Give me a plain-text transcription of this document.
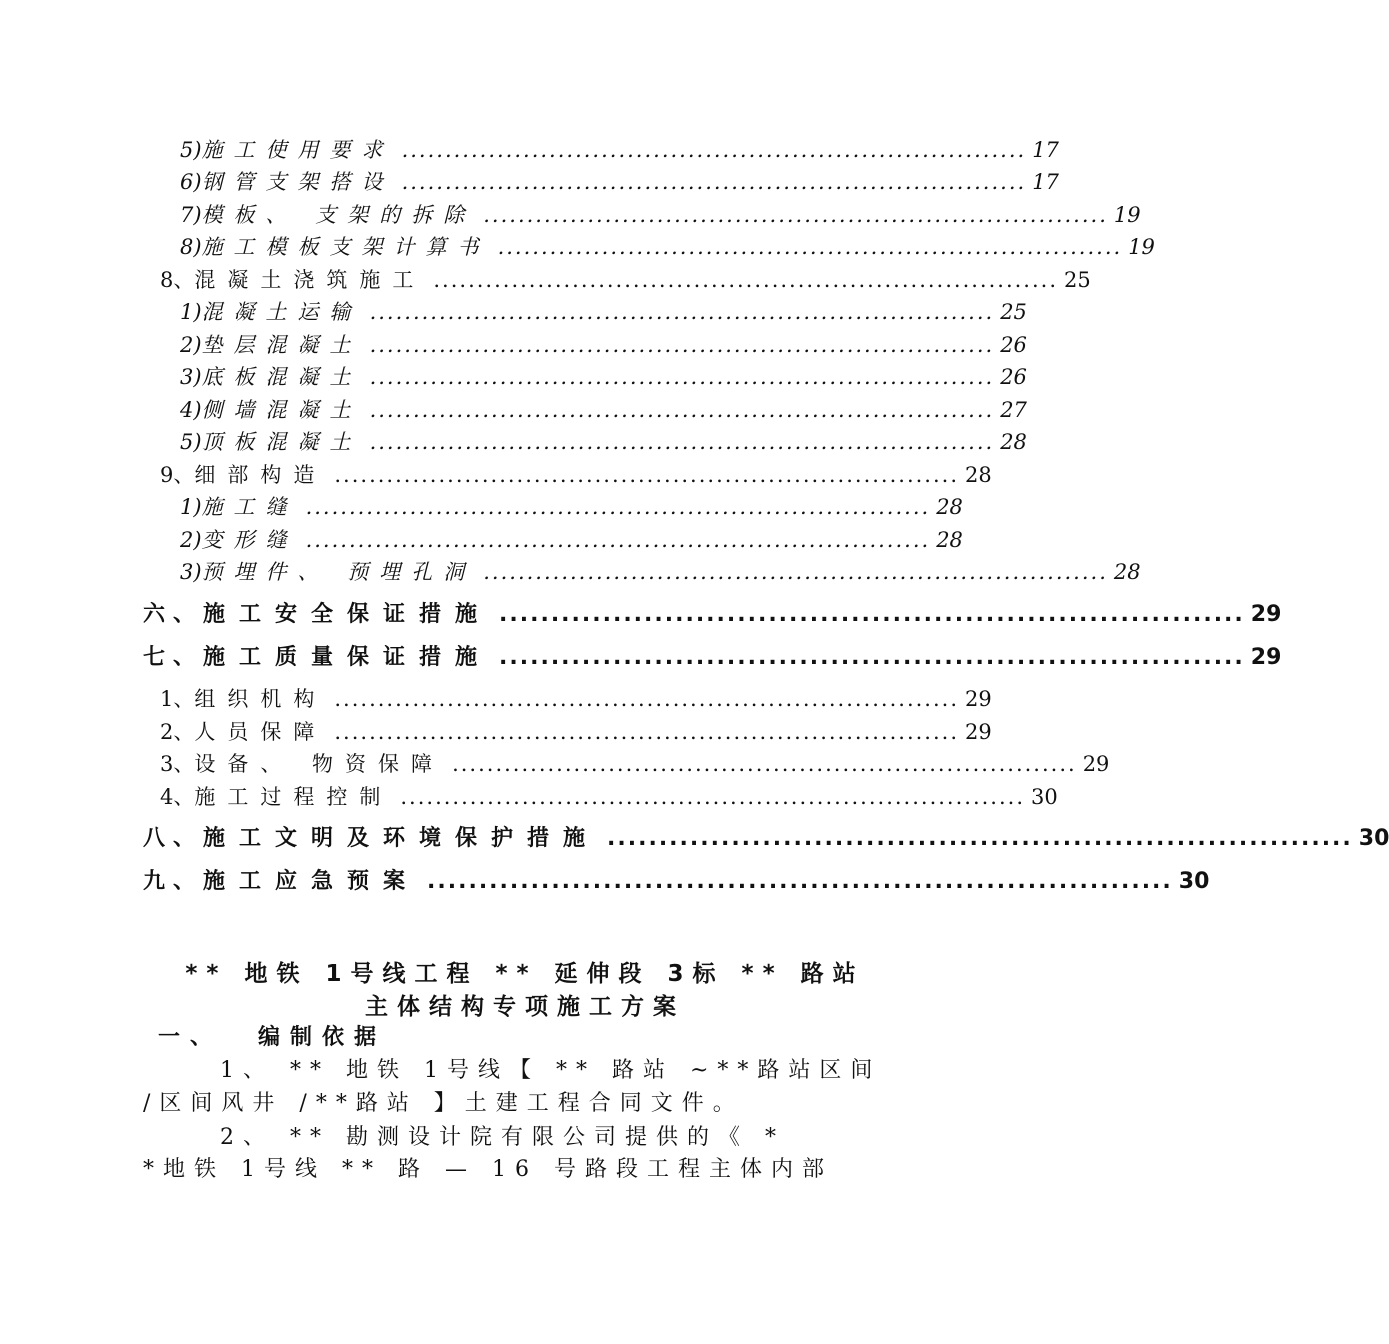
5) 施工使用要求 ........................................................................ 17
6) 钢管支架搭设 ........................................................................ 17
7) 模板、 支架的拆除 ........................................................................ 19
8) 施工模板支架计算书 ........................................................................ 19
8、 混凝土浇筑施工 ........................................................................ 25
1) 混凝土运输 ........................................................................ 25
2) 垫层混凝土 ........................................................................ 26
3) 底板混凝土 ........................................................................ 26
4) 侧墙混凝土 ........................................................................ 27
5) 顶板混凝土 ........................................................................ 28
9、 细部构造 ........................................................................ 28
1) 施工缝 ........................................................................ 28
2) 变形缝 ........................................................................ 28
3) 预埋件、 预埋孔洞 ........................................................................ 28
六、 施工安全保证措施 ........................................................................ 29
七、 施工质量保证措施 ........................................................................ 29
1、 组织机构 ........................................................................ 29
2、 人员保障 ........................................................................ 29
3、 设备、 物资保障 ........................................................................ 29
4、 施工过程控制 ........................................................................ 30
八、 施工文明及环境保护措施 ........................................................................ 30
九、 施工应急预案 ........................................................................ 30
** 地铁 1号线工程 ** 延伸段 3标 ** 路站
主体结构专项施工方案
一、 编制依据
1、 ** 地铁 1号线【 ** 路站 ~**路站区间
/区间风井 /**路站 】土建工程合同文件。
2、 ** 勘测设计院有限公司提供的《 *
*地铁 1号线 ** 路 — 16 号路段工程主体内部
